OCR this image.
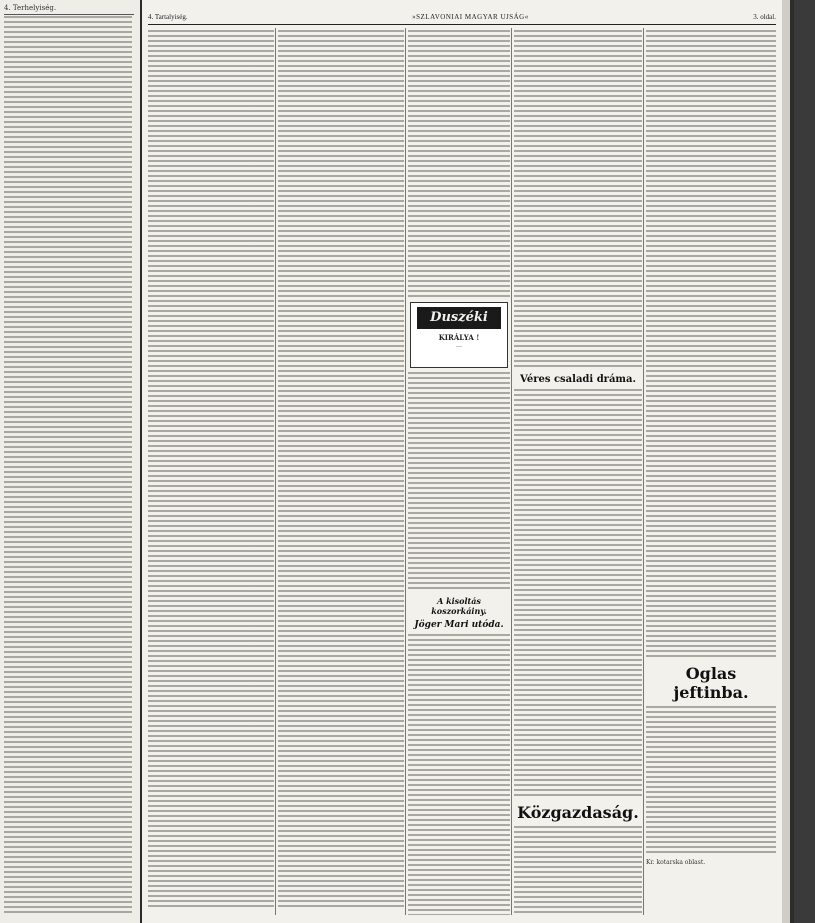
4. Terhelyiség.
4. Tartalyiség.	»SZLAVONIAI MAGYAR UJSÁG«	3. oldal.
Duszéki
KIRÁLYA !
…
A kisoltás koszorkáiny.
Jöger Mari utóda.
Véres csaladi dráma.
Közgazdaság.
Oglas jeftinba.
Kr. kotarska oblast.
